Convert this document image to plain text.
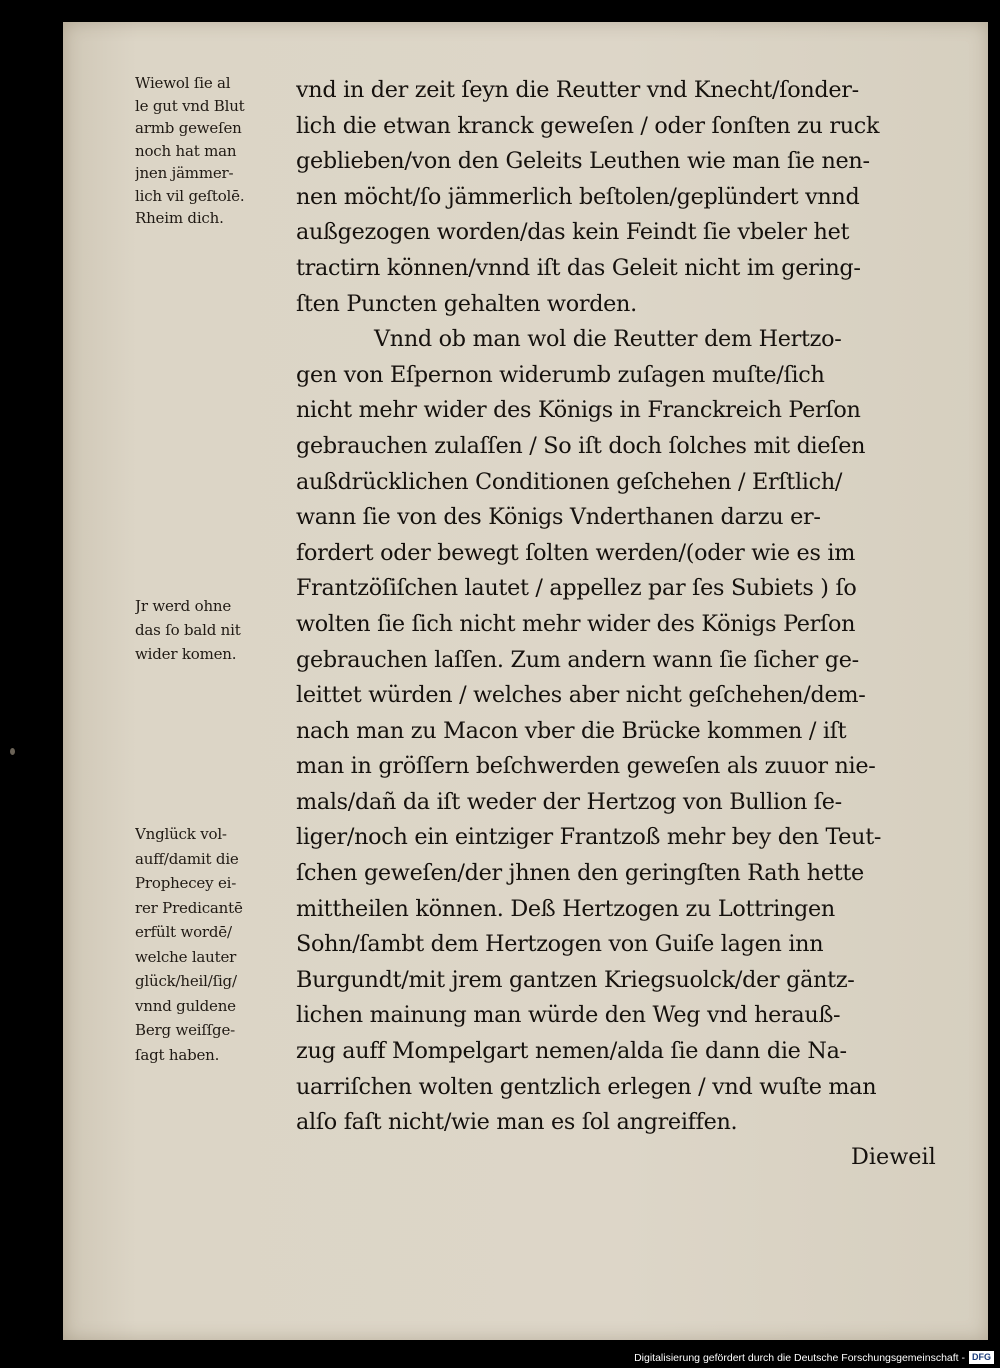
Wiewol ſie al
le gut vnd Blut
armb geweſen
noch hat man
jnen jämmer-
lich vil geſtolē.
Rheim dich.
Jr werd ohne
das ſo bald nit
wider komen.
Vnglück vol-
auff/damit die
Prophecey ei-
rer Predicantē
erfült wordē/
welche lauter
glück/heil/ſig/
vnnd guldene
Berg weiſſge-
ſagt haben.
vnd in der zeit ſeyn die Reutter vnd Knecht/ſonder-
lich die etwan kranck geweſen / oder ſonſten zu ruck
geblieben/von den Geleits Leuthen wie man ſie nen-
nen möcht/ſo jämmerlich beſtolen/geplündert vnnd
außgezogen worden/das kein Feindt ſie vbeler het
tractirn können/vnnd iſt das Geleit nicht im gering-
ſten Puncten gehalten worden.
Vnnd ob man wol die Reutter dem Hertzo-
gen von Eſpernon widerumb zuſagen muſte/ſich
nicht mehr wider des Königs in Franckreich Perſon
gebrauchen zulaſſen / So iſt doch ſolches mit dieſen
außdrücklichen Conditionen geſchehen / Erſtlich/
wann ſie von des Königs Vnderthanen darzu er-
fordert oder bewegt ſolten werden/(oder wie es im
Frantzöſiſchen lautet / appellez par ſes Subiets ) ſo
wolten ſie ſich nicht mehr wider des Königs Perſon
gebrauchen laſſen. Zum andern wann ſie ſicher ge-
leittet würden / welches aber nicht geſchehen/dem-
nach man zu Macon vber die Brücke kommen / iſt
man in gröſſern beſchwerden geweſen als zuuor nie-
mals/dañ da iſt weder der Hertzog von Bullion ſe-
liger/noch ein eintziger Frantzoß mehr bey den Teut-
ſchen geweſen/der jhnen den geringſten Rath hette
mittheilen können. Deß Hertzogen zu Lottringen
Sohn/ſambt dem Hertzogen von Guiſe lagen inn
Burgundt/mit jrem gantzen Kriegsuolck/der gäntz-
lichen mainung man würde den Weg vnd herauß-
zug auff Mompelgart nemen/alda ſie dann die Na-
uarriſchen wolten gentzlich erlegen / vnd wuſte man
alſo faſt nicht/wie man es ſol angreiffen.
Dieweil
Digitalisierung gefördert durch die Deutsche Forschungsgemeinschaft - DFG
